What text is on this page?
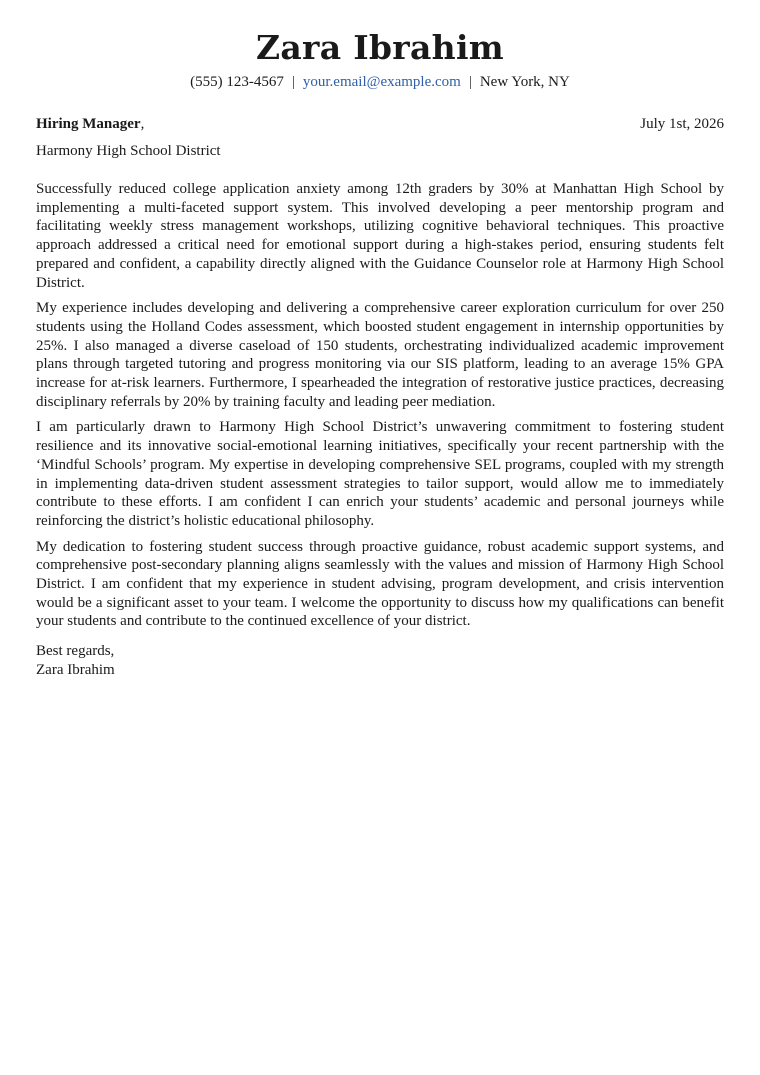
Zara Ibrahim
(555) 123-4567 | your.email@example.com | New York, NY
Hiring Manager,	July 1st, 2026
Harmony High School District

Successfully reduced college application anxiety among 12th graders by 30% at Manhattan High School by implementing a multi-faceted support system. This involved developing a peer mentorship program and facilitating weekly stress management workshops, utilizing cognitive behavioral techniques. This proactive approach addressed a critical need for emotional support during a high-stakes period, ensuring students felt prepared and confident, a capability directly aligned with the Guidance Counselor role at Harmony High School District.

My experience includes developing and delivering a comprehensive career exploration curriculum for over 250 students using the Holland Codes assessment, which boosted student engagement in internship opportunities by 25%. I also managed a diverse caseload of 150 students, orchestrating individualized academic improvement plans through targeted tutoring and progress monitoring via our SIS platform, leading to an average 15% GPA increase for at-risk learners. Furthermore, I spearheaded the integration of restorative justice practices, decreasing disciplinary referrals by 20% by training faculty and leading peer mediation.

I am particularly drawn to Harmony High School District’s unwavering commitment to fostering student resilience and its innovative social-emotional learning initiatives, specifically your recent partnership with the ‘Mindful Schools’ program. My expertise in developing comprehensive SEL programs, coupled with my strength in implementing data-driven student assessment strategies to tailor support, would allow me to immediately contribute to these efforts. I am confident I can enrich your students’ academic and personal journeys while reinforcing the district’s holistic educational philosophy.

My dedication to fostering student success through proactive guidance, robust academic support systems, and comprehensive post-secondary planning aligns seamlessly with the values and mission of Harmony High School District. I am confident that my experience in student advising, program development, and crisis intervention would be a significant asset to your team. I welcome the opportunity to discuss how my qualifications can benefit your students and contribute to the continued excellence of your district.

Best regards,
Zara Ibrahim
